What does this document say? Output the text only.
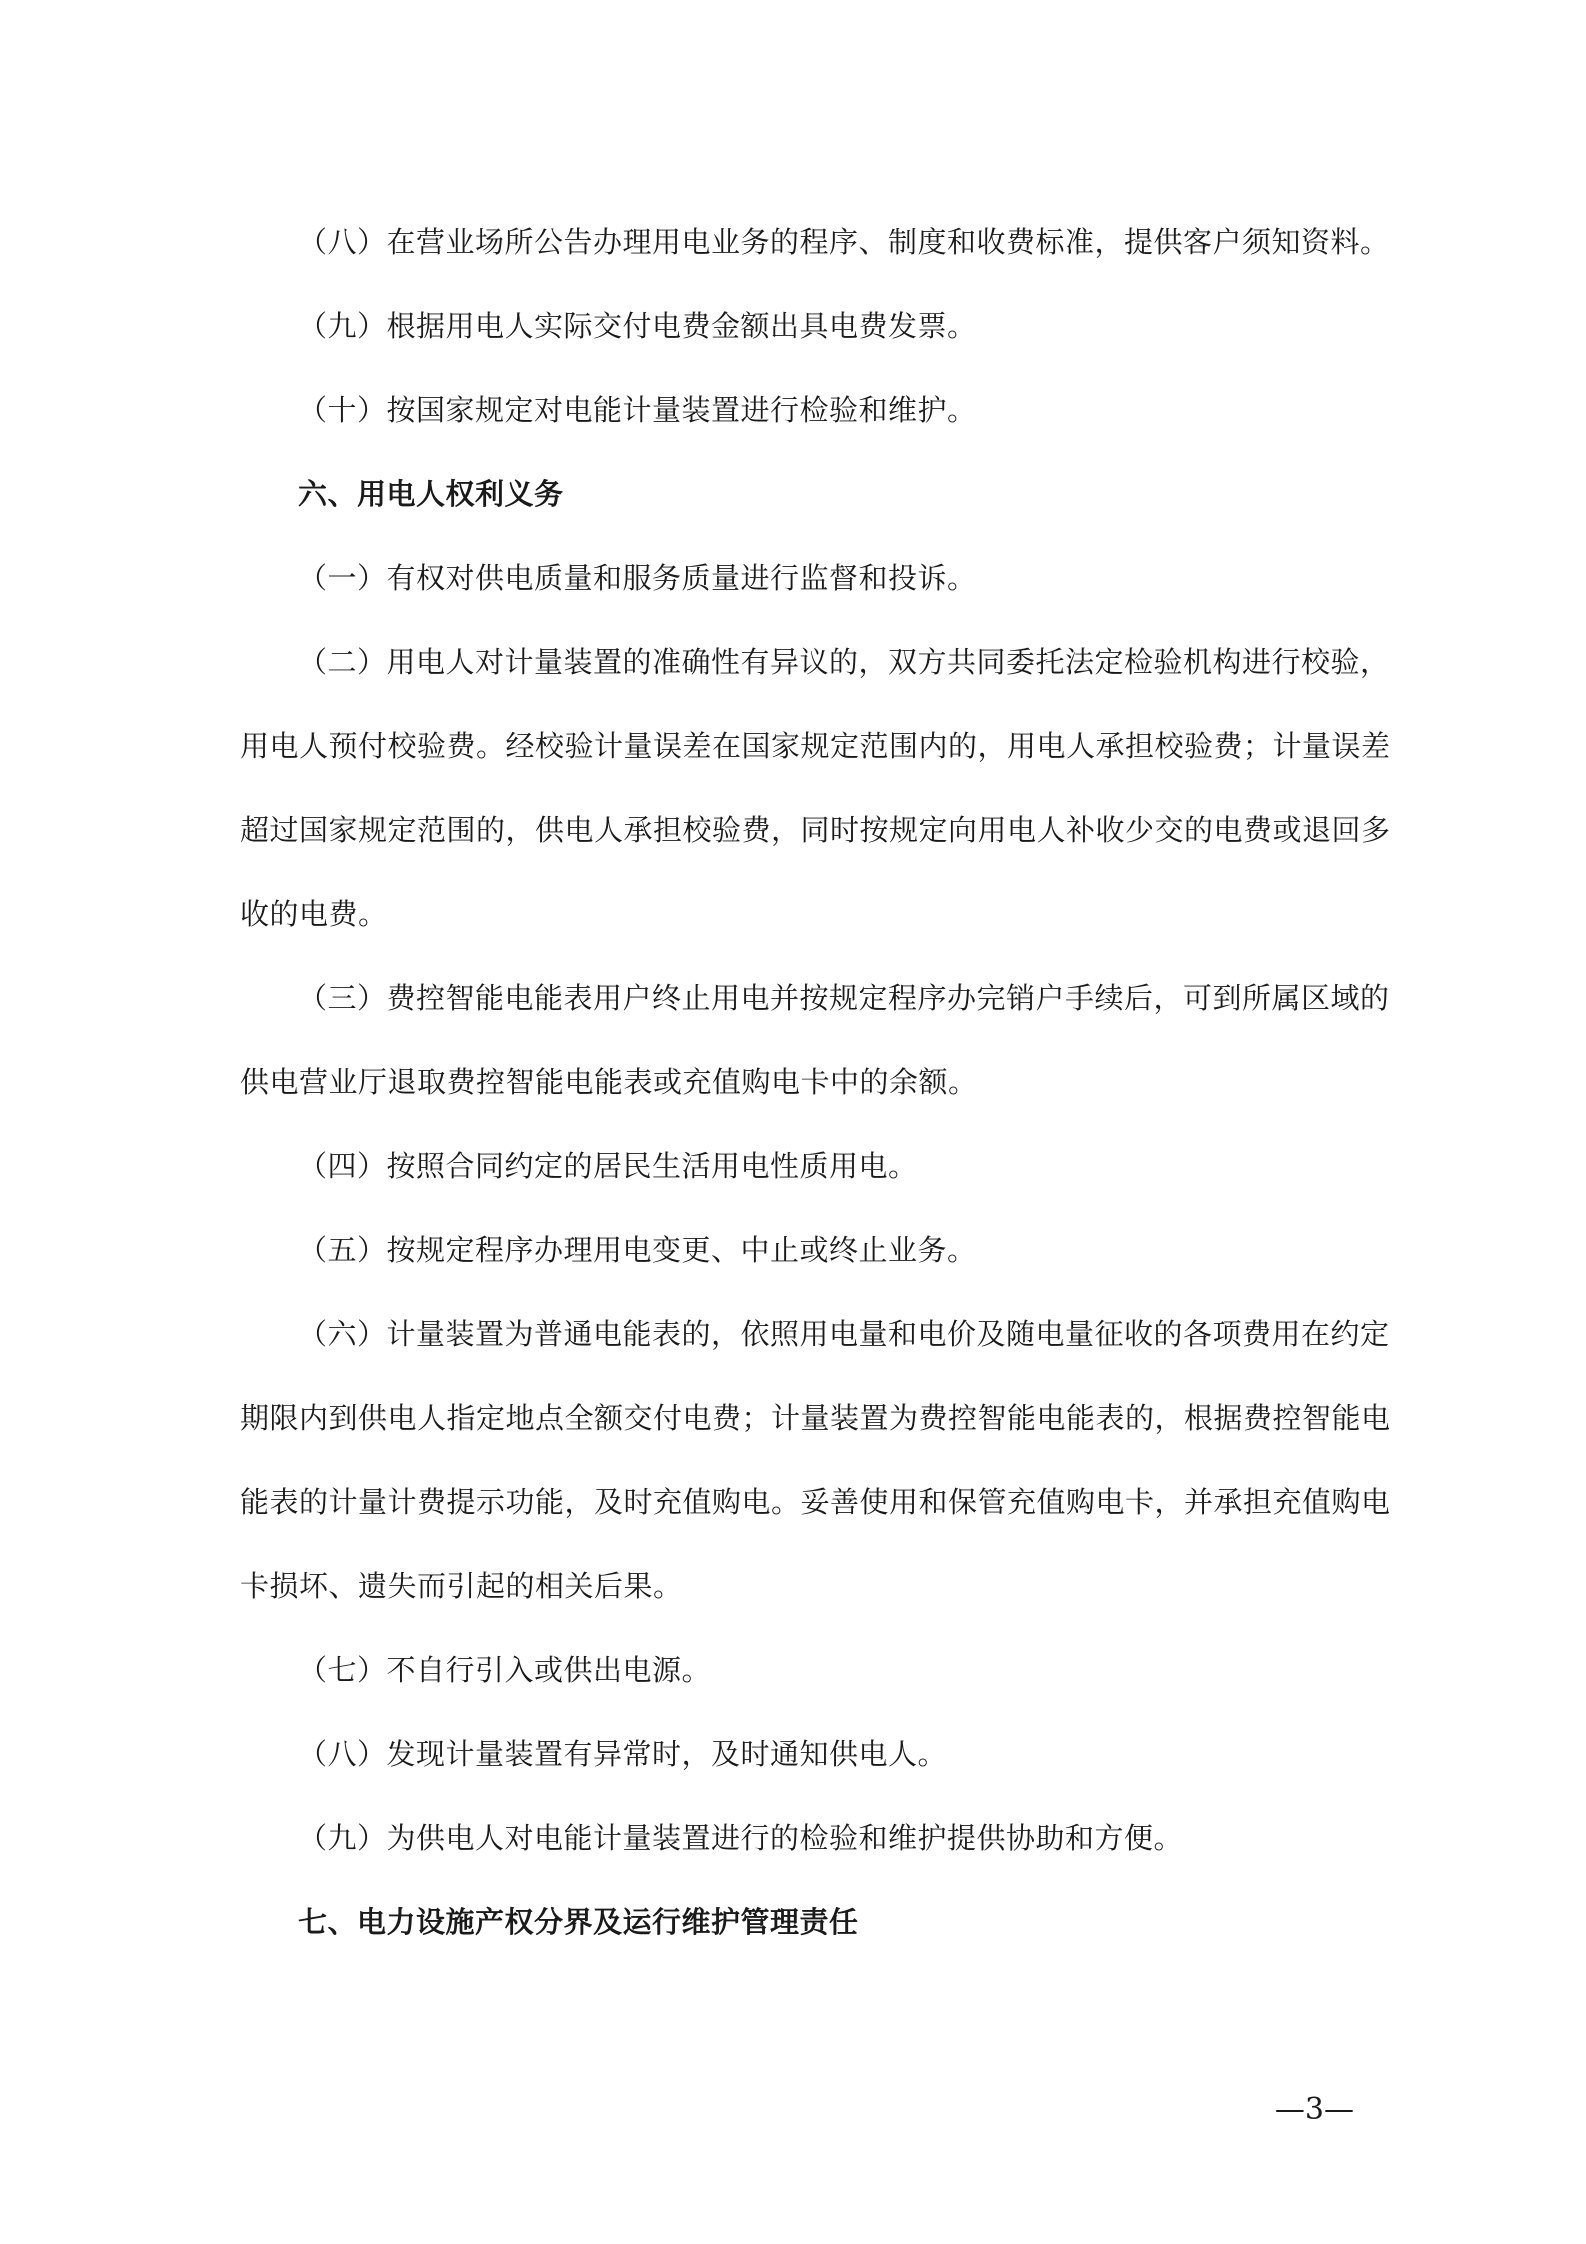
（八）在营业场所公告办理用电业务的程序、制度和收费标准，提供客户须知资料。
（九）根据用电人实际交付电费金额出具电费发票。
（十）按国家规定对电能计量装置进行检验和维护。
六、用电人权利义务
（一）有权对供电质量和服务质量进行监督和投诉。
（二）用电人对计量装置的准确性有异议的，双方共同委托法定检验机构进行校验，
用电人预付校验费。经校验计量误差在国家规定范围内的，用电人承担校验费；计量误差
超过国家规定范围的，供电人承担校验费，同时按规定向用电人补收少交的电费或退回多
收的电费。
（三）费控智能电能表用户终止用电并按规定程序办完销户手续后，可到所属区域的
供电营业厅退取费控智能电能表或充值购电卡中的余额。
（四）按照合同约定的居民生活用电性质用电。
（五）按规定程序办理用电变更、中止或终止业务。
（六）计量装置为普通电能表的，依照用电量和电价及随电量征收的各项费用在约定
期限内到供电人指定地点全额交付电费；计量装置为费控智能电能表的，根据费控智能电
能表的计量计费提示功能，及时充值购电。妥善使用和保管充值购电卡，并承担充值购电
卡损坏、遗失而引起的相关后果。
（七）不自行引入或供出电源。
（八）发现计量装置有异常时，及时通知供电人。
（九）为供电人对电能计量装置进行的检验和维护提供协助和方便。
七、电力设施产权分界及运行维护管理责任
—3—
